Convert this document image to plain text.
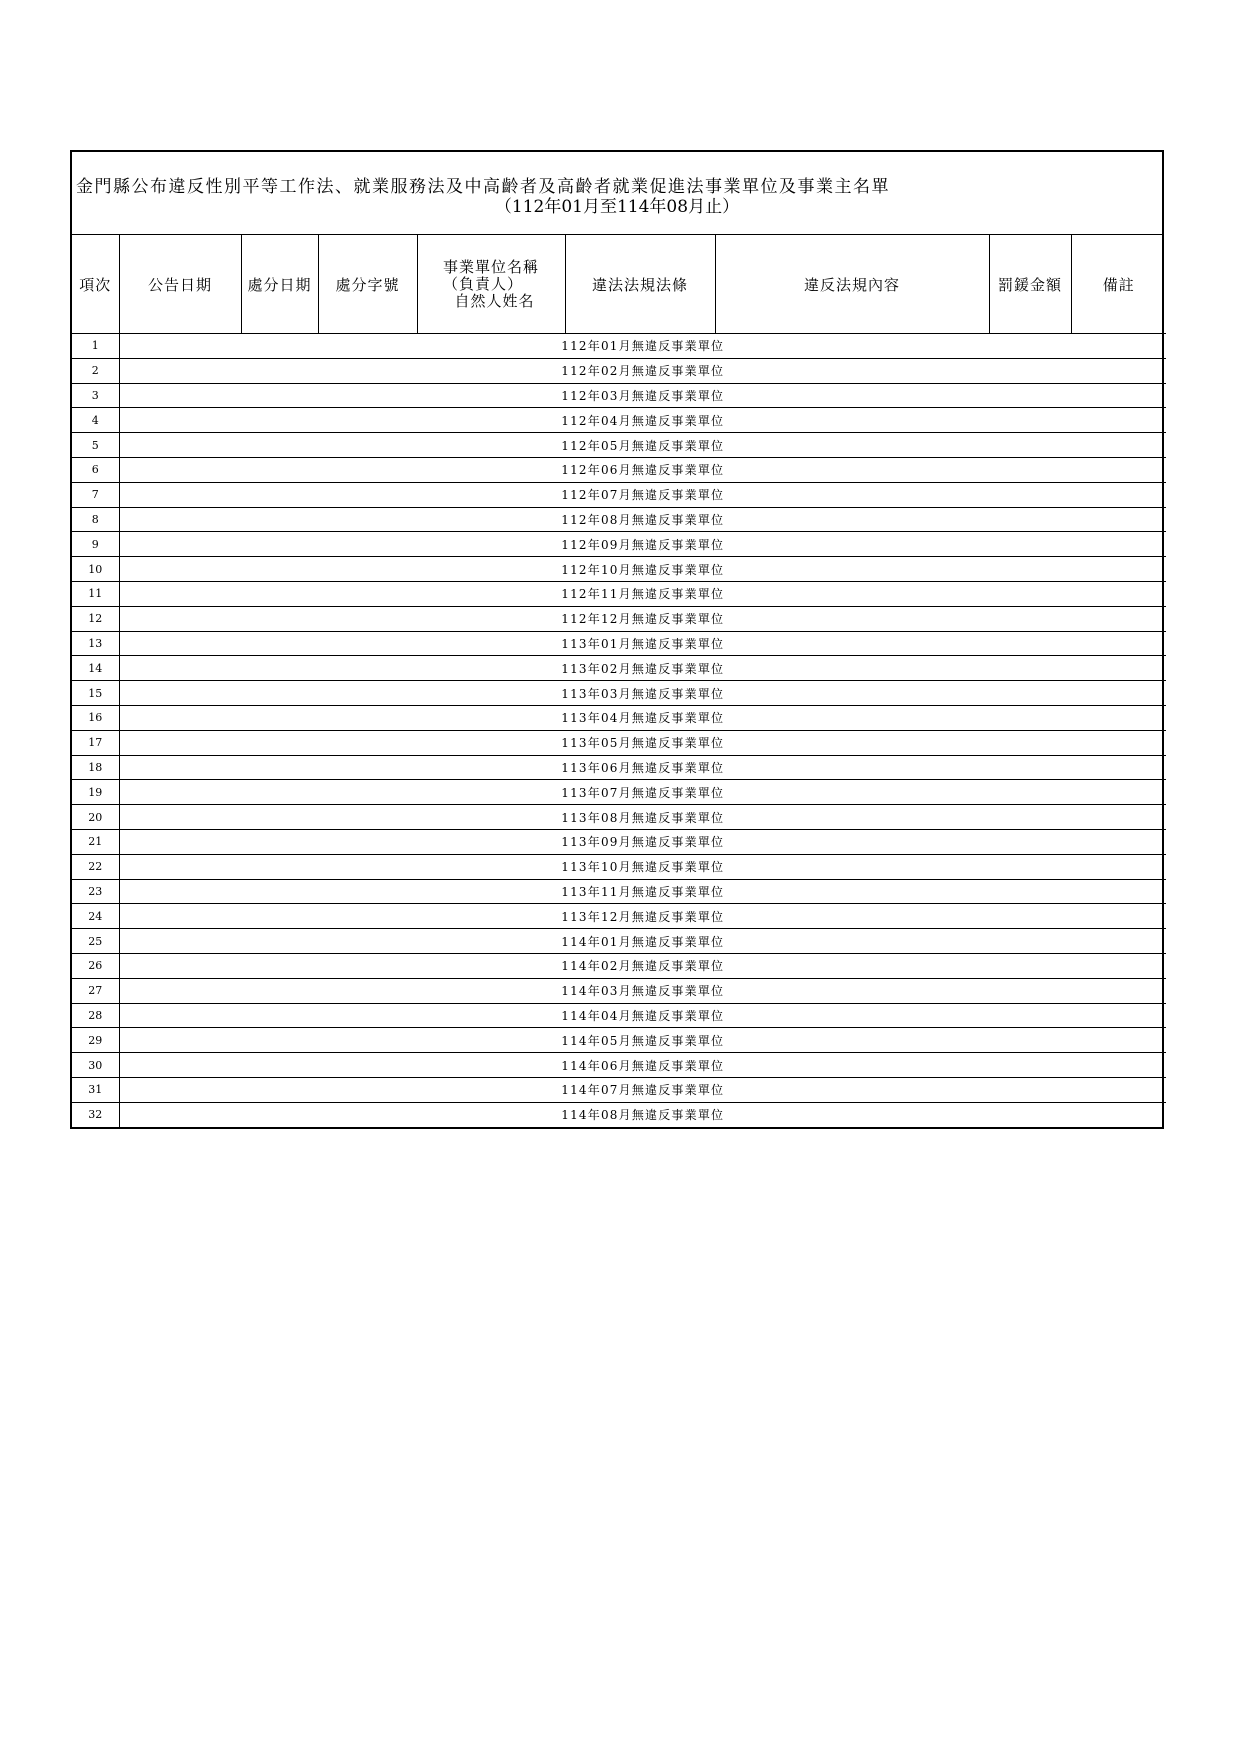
金門縣公布違反性別平等工作法、就業服務法及中高齡者及高齡者就業促進法事業單位及事業主名單
（112年01月至114年08月止）
項次	公告日期	處分日期	處分字號	事業單位名稱
（負責人）
自然人姓名	違法法規法條	違反法規內容	罰鍰金額	備註
1	112年01月無違反事業單位							
2	112年02月無違反事業單位							
3	112年03月無違反事業單位							
4	112年04月無違反事業單位							
5	112年05月無違反事業單位							
6	112年06月無違反事業單位							
7	112年07月無違反事業單位							
8	112年08月無違反事業單位							
9	112年09月無違反事業單位							
10	112年10月無違反事業單位							
11	112年11月無違反事業單位							
12	112年12月無違反事業單位							
13	113年01月無違反事業單位							
14	113年02月無違反事業單位							
15	113年03月無違反事業單位							
16	113年04月無違反事業單位							
17	113年05月無違反事業單位							
18	113年06月無違反事業單位							
19	113年07月無違反事業單位							
20	113年08月無違反事業單位							
21	113年09月無違反事業單位							
22	113年10月無違反事業單位							
23	113年11月無違反事業單位							
24	113年12月無違反事業單位							
25	114年01月無違反事業單位							
26	114年02月無違反事業單位							
27	114年03月無違反事業單位							
28	114年04月無違反事業單位							
29	114年05月無違反事業單位							
30	114年06月無違反事業單位							
31	114年07月無違反事業單位							
32	114年08月無違反事業單位							
